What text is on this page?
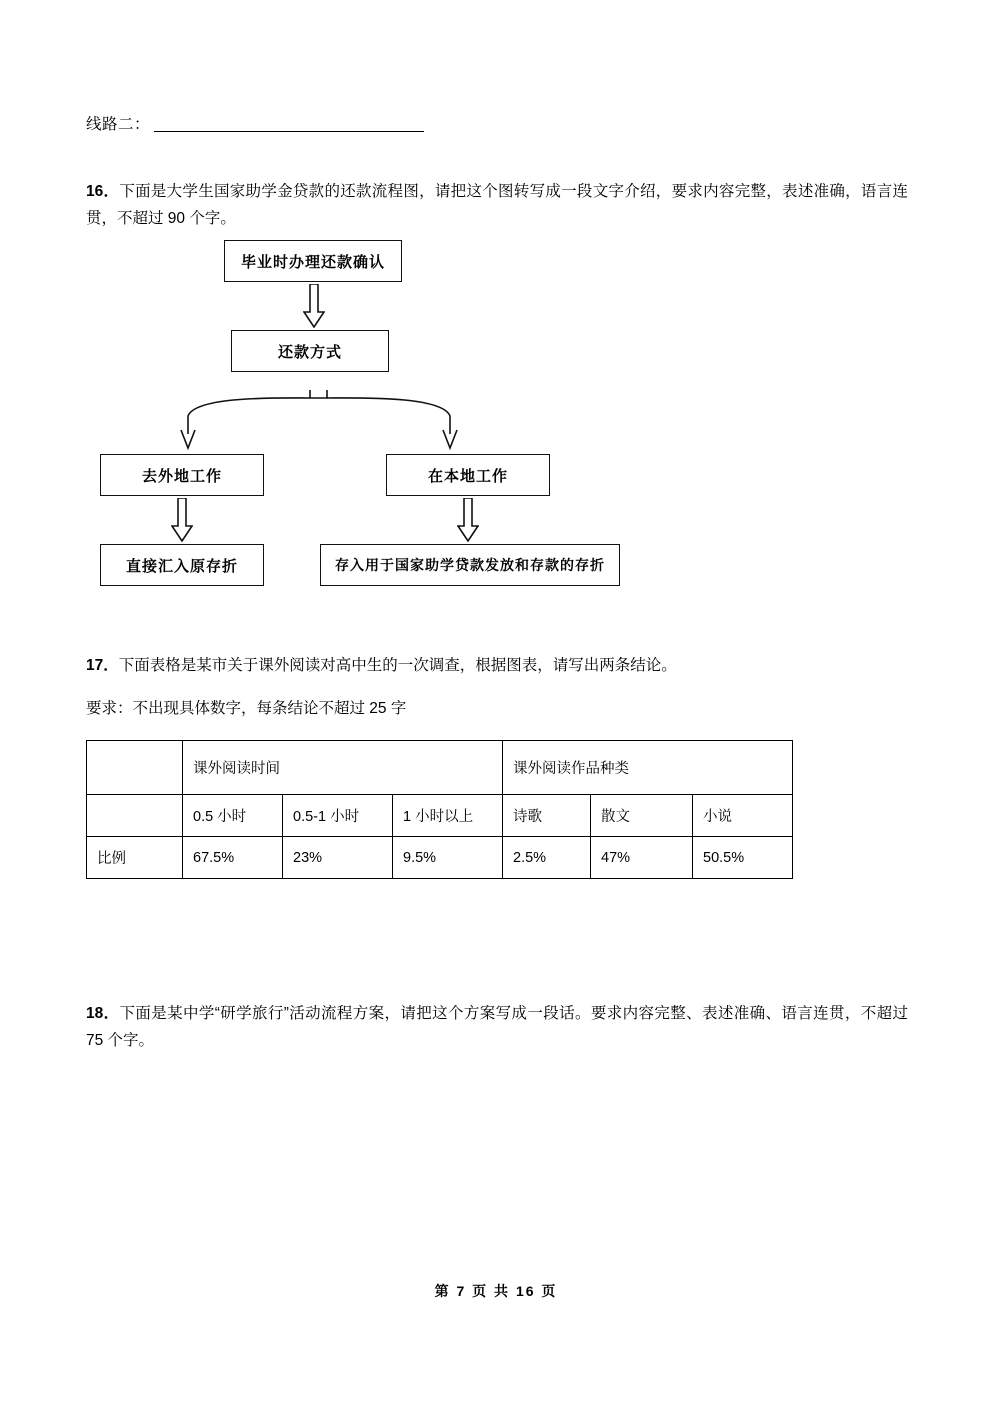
线路二：
16．下面是大学生国家助学金贷款的还款流程图，请把这个图转写成一段文字介绍，要求内容完整，表述准确，语言连贯，不超过 90 个字。
毕业时办理还款确认
还款方式
去外地工作	在本地工作
直接汇入原存折	存入用于国家助学贷款发放和存款的存折
17．下面表格是某市关于课外阅读对高中生的一次调查，根据图表，请写出两条结论。
要求：不出现具体数字，每条结论不超过 25 字
	课外阅读时间			课外阅读作品种类		
	0.5 小时	0.5-1 小时	1 小时以上	诗歌	散文	小说
比例	67.5%	23%	9.5%	2.5%	47%	50.5%
18．下面是某中学“研学旅行”活动流程方案，请把这个方案写成一段话。要求内容完整、表述准确、语言连贯，不超过 75 个字。
第 7 页 共 16 页
